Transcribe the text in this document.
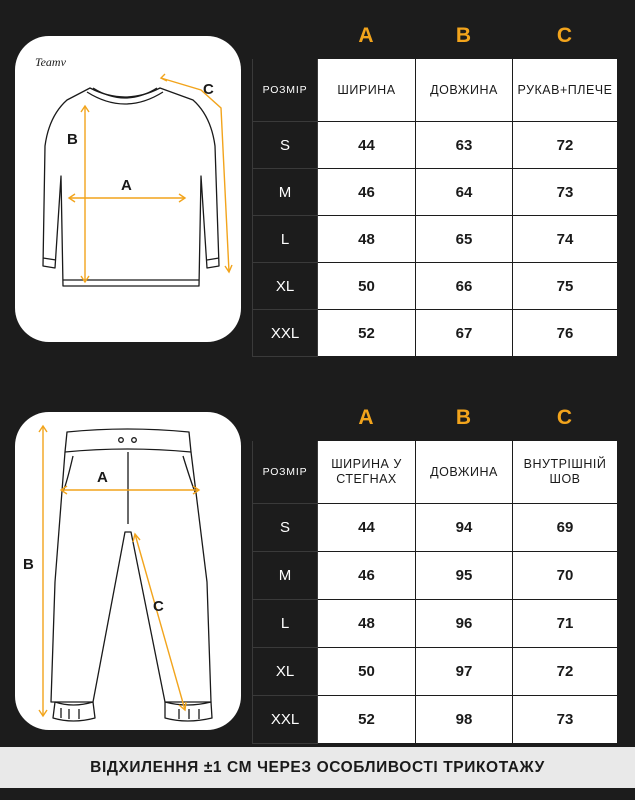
Teamv
B
A
C
	A	B	C
РОЗМІР	ШИРИНА	ДОВЖИНА	РУКАВ+ПЛЕЧЕ
S	44	63	72
M	46	64	73
L	48	65	74
XL	50	66	75
XXL	52	67	76
A
B
C
	A	B	C
РОЗМІР	ШИРИНА У СТЕГНАХ	ДОВЖИНА	ВНУТРІШНІЙ ШОВ
S	44	94	69
M	46	95	70
L	48	96	71
XL	50	97	72
XXL	52	98	73
ВІДХИЛЕННЯ ±1 СМ ЧЕРЕЗ ОСОБЛИВОСТІ ТРИКОТАЖУ
